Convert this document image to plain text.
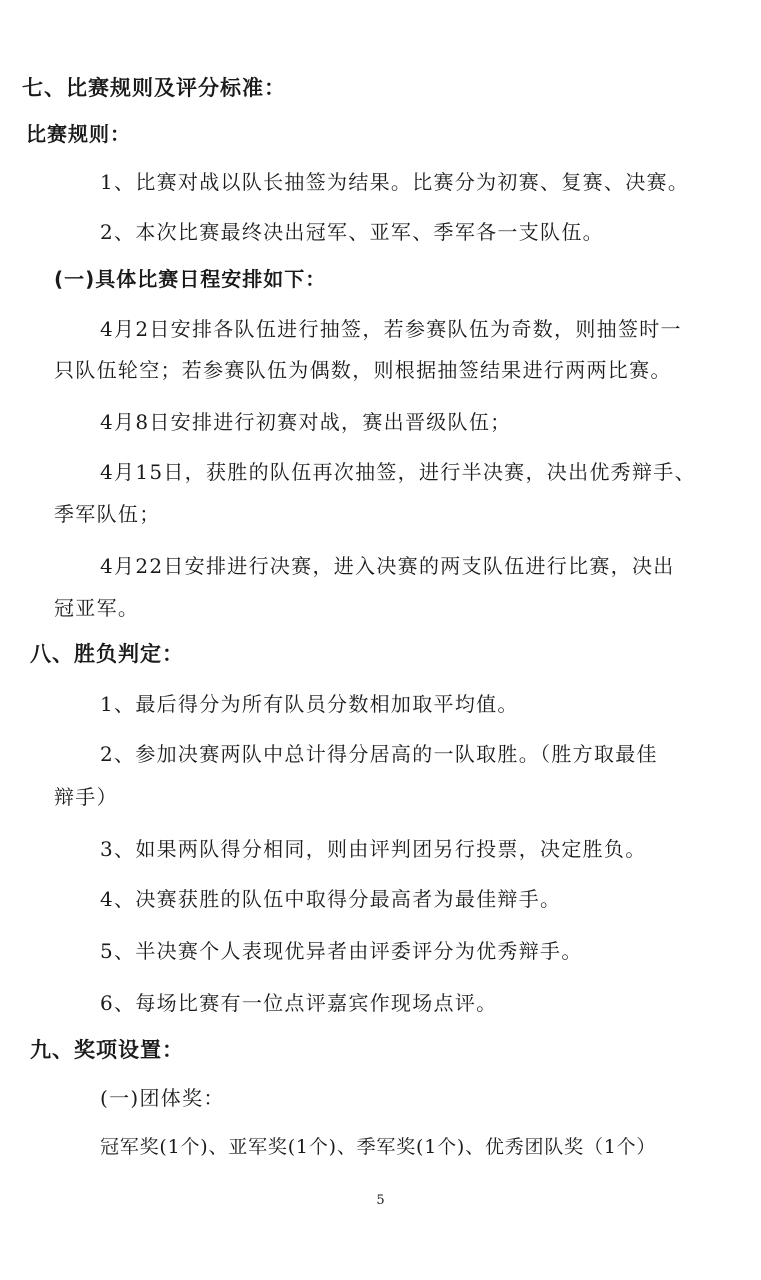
七、比赛规则及评分标准：
比赛规则：
1、比赛对战以队长抽签为结果。比赛分为初赛、复赛、决赛。
2、本次比赛最终决出冠军、亚军、季军各一支队伍。
(一)具体比赛日程安排如下：
4月2日安排各队伍进行抽签，若参赛队伍为奇数，则抽签时一
只队伍轮空；若参赛队伍为偶数，则根据抽签结果进行两两比赛。
4月8日安排进行初赛对战，赛出晋级队伍；
4月15日，获胜的队伍再次抽签，进行半决赛，决出优秀辩手、
季军队伍；
4月22日安排进行决赛，进入决赛的两支队伍进行比赛，决出
冠亚军。
八、胜负判定：
1、最后得分为所有队员分数相加取平均值。
2、参加决赛两队中总计得分居高的一队取胜。（胜方取最佳
辩手）
3、如果两队得分相同，则由评判团另行投票，决定胜负。
4、决赛获胜的队伍中取得分最高者为最佳辩手。
5、半决赛个人表现优异者由评委评分为优秀辩手。
6、每场比赛有一位点评嘉宾作现场点评。
九、奖项设置：
(一)团体奖：
冠军奖(1个)、亚军奖(1个)、季军奖(1个)、优秀团队奖（1个）
5
